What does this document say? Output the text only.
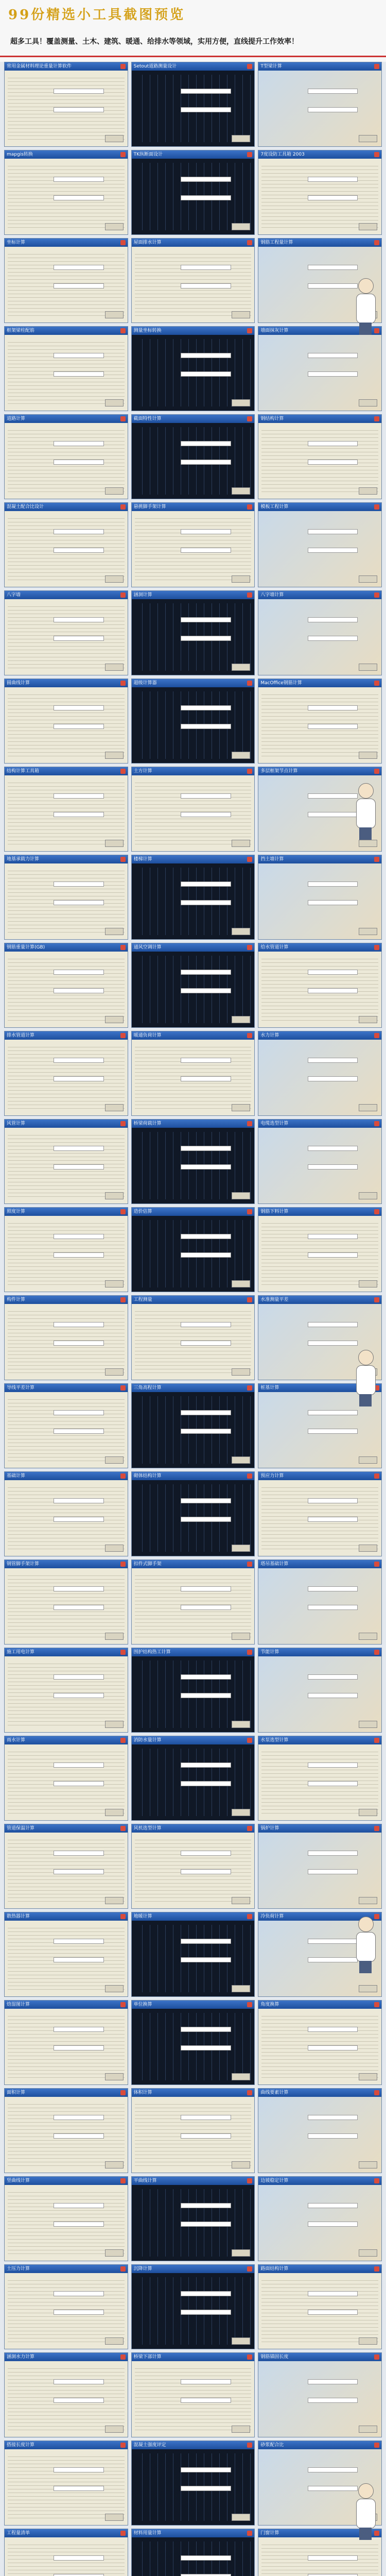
99份精选小工具截图预览

超多工具！覆盖测量、土木、建筑、暖通、给排水等领域，实用方便，直线提升工作效率！

常用金属材料理论重量计算软件	Setout道路测量设计	T型梁计算
mapgis转换	TK纵断面设计	7度设防工具箱 2003
坐标计算	屋面排水计算	钢筋工程量计算
框架梁柱配筋	测量坐标转换	墙面抹灰计算
道路计算	截面特性计算	钢结构计算
混凝土配合比设计	悬挑脚手架计算	模板工程计算
八字墙	涵洞计算	八字墙计算
圆曲线计算	超级计算器	MacOffice钢筋计算
结构计算工具箱	土方计算	多层框架节点计算
地基承载力计算	楼梯计算	挡土墙计算
钢筋重量计算(GB)	通风空调计算	给水管道计算
排水管道计算	暖通负荷计算	水力计算
风管计算	桥梁荷载计算	电缆选型计算
照度计算	造价估算	钢筋下料计算
构件计算	工程测量	水准测量平差
导线平差计算	三角高程计算	桩基计算
基础计算	砌体结构计算	预应力计算
钢管脚手架计算	扣件式脚手架	塔吊基础计算
施工用电计算	围护结构热工计算	节能计算
雨水计算	消防水量计算	水泵选型计算
管道保温计算	风机选型计算	锅炉计算
散热器计算	地暖计算	冷负荷计算
焓湿图计算	单位换算	角度换算
面积计算	体积计算	曲线要素计算
竖曲线计算	平曲线计算	边坡稳定计算
土压力计算	沉降计算	路面结构计算
涵洞水力计算	桥梁下部计算	钢筋锚固长度
搭接长度计算	混凝土强度评定	砂浆配合比
工程量清单	材料用量计算	门窗计算
